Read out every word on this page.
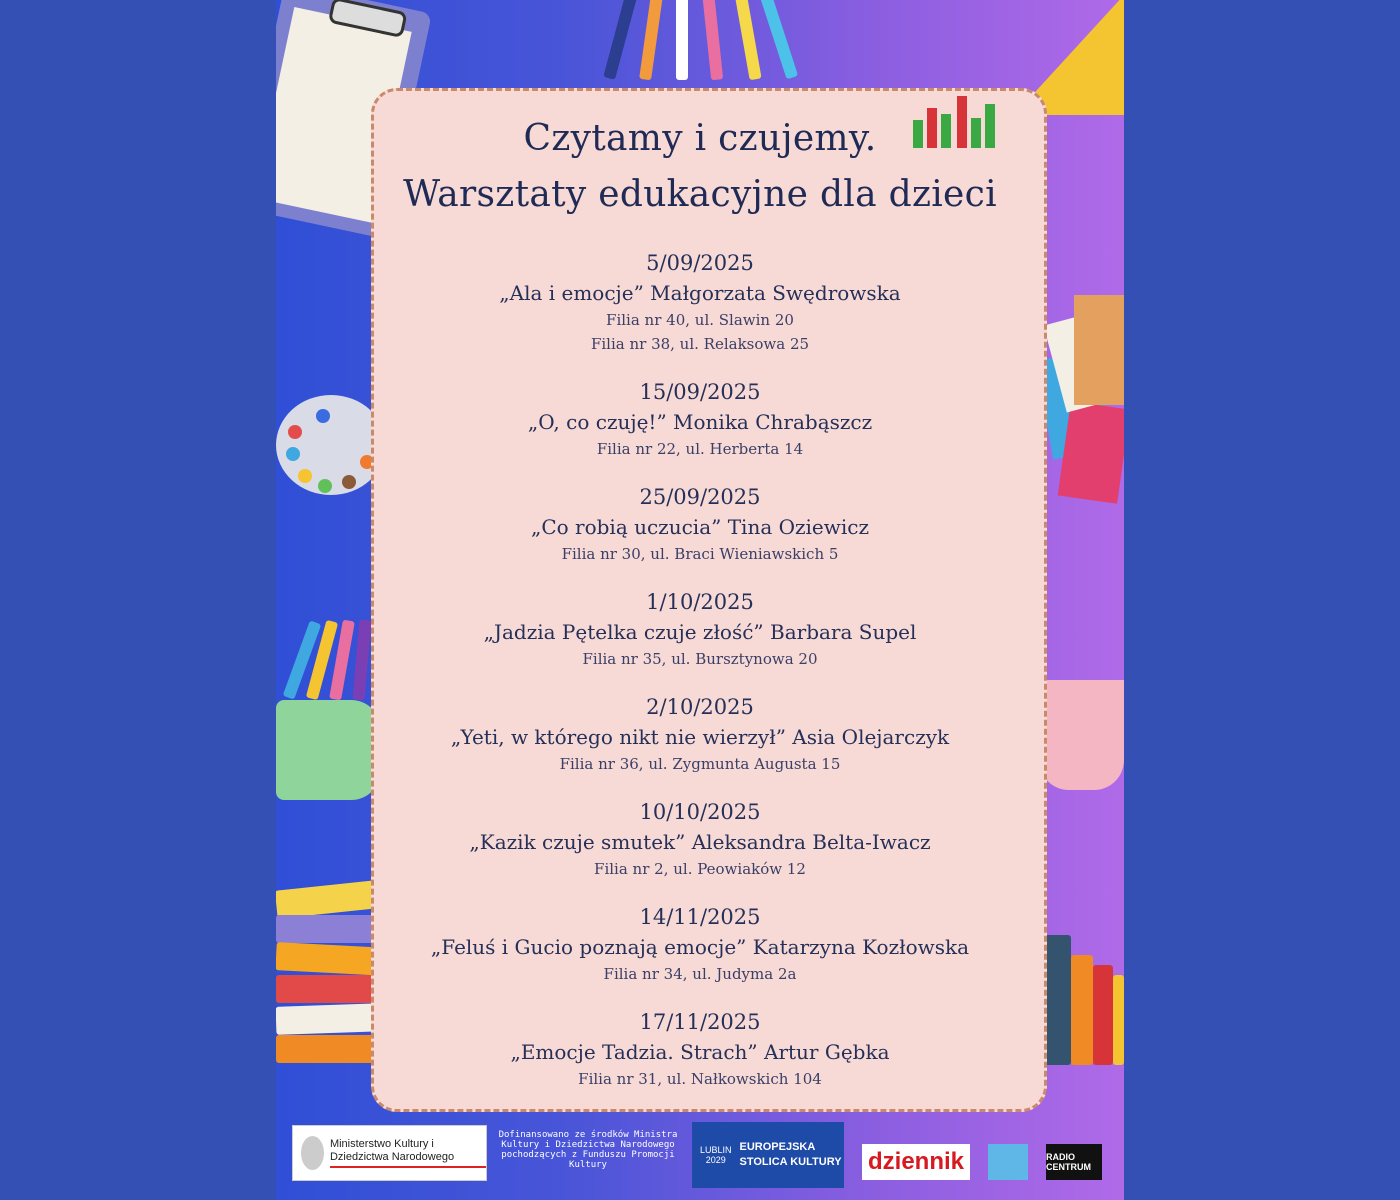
Czytamy i czujemy.
Warsztaty edukacyjne dla dzieci
5/09/2025
„Ala i emocje” Małgorzata Swędrowska
Filia nr 40, ul. Slawin 20
Filia nr 38, ul. Relaksowa 25
15/09/2025
„O, co czuję!” Monika Chrabąszcz
Filia nr 22, ul. Herberta 14
25/09/2025
„Co robią uczucia” Tina Oziewicz
Filia nr 30, ul. Braci Wieniawskich 5
1/10/2025
„Jadzia Pętelka czuje złość” Barbara Supel
Filia nr 35, ul. Bursztynowa 20
2/10/2025
„Yeti, w którego nikt nie wierzył” Asia Olejarczyk
Filia nr 36, ul. Zygmunta Augusta 15
10/10/2025
„Kazik czuje smutek” Aleksandra Belta-Iwacz
Filia nr 2, ul. Peowiaków 12
14/11/2025
„Feluś i Gucio poznają emocje” Katarzyna Kozłowska
Filia nr 34, ul. Judyma 2a
17/11/2025
„Emocje Tadzia. Strach” Artur Gębka
Filia nr 31, ul. Nałkowskich 104
Ministerstwo Kultury i Dziedzictwa Narodowego
Dofinansowano ze środków Ministra Kultury i Dziedzictwa Narodowego pochodzących z Funduszu Promocji Kultury
LUBLIN 2029
EUROPEJSKA STOLICA KULTURY dziennik	RADIO CENTRUM
